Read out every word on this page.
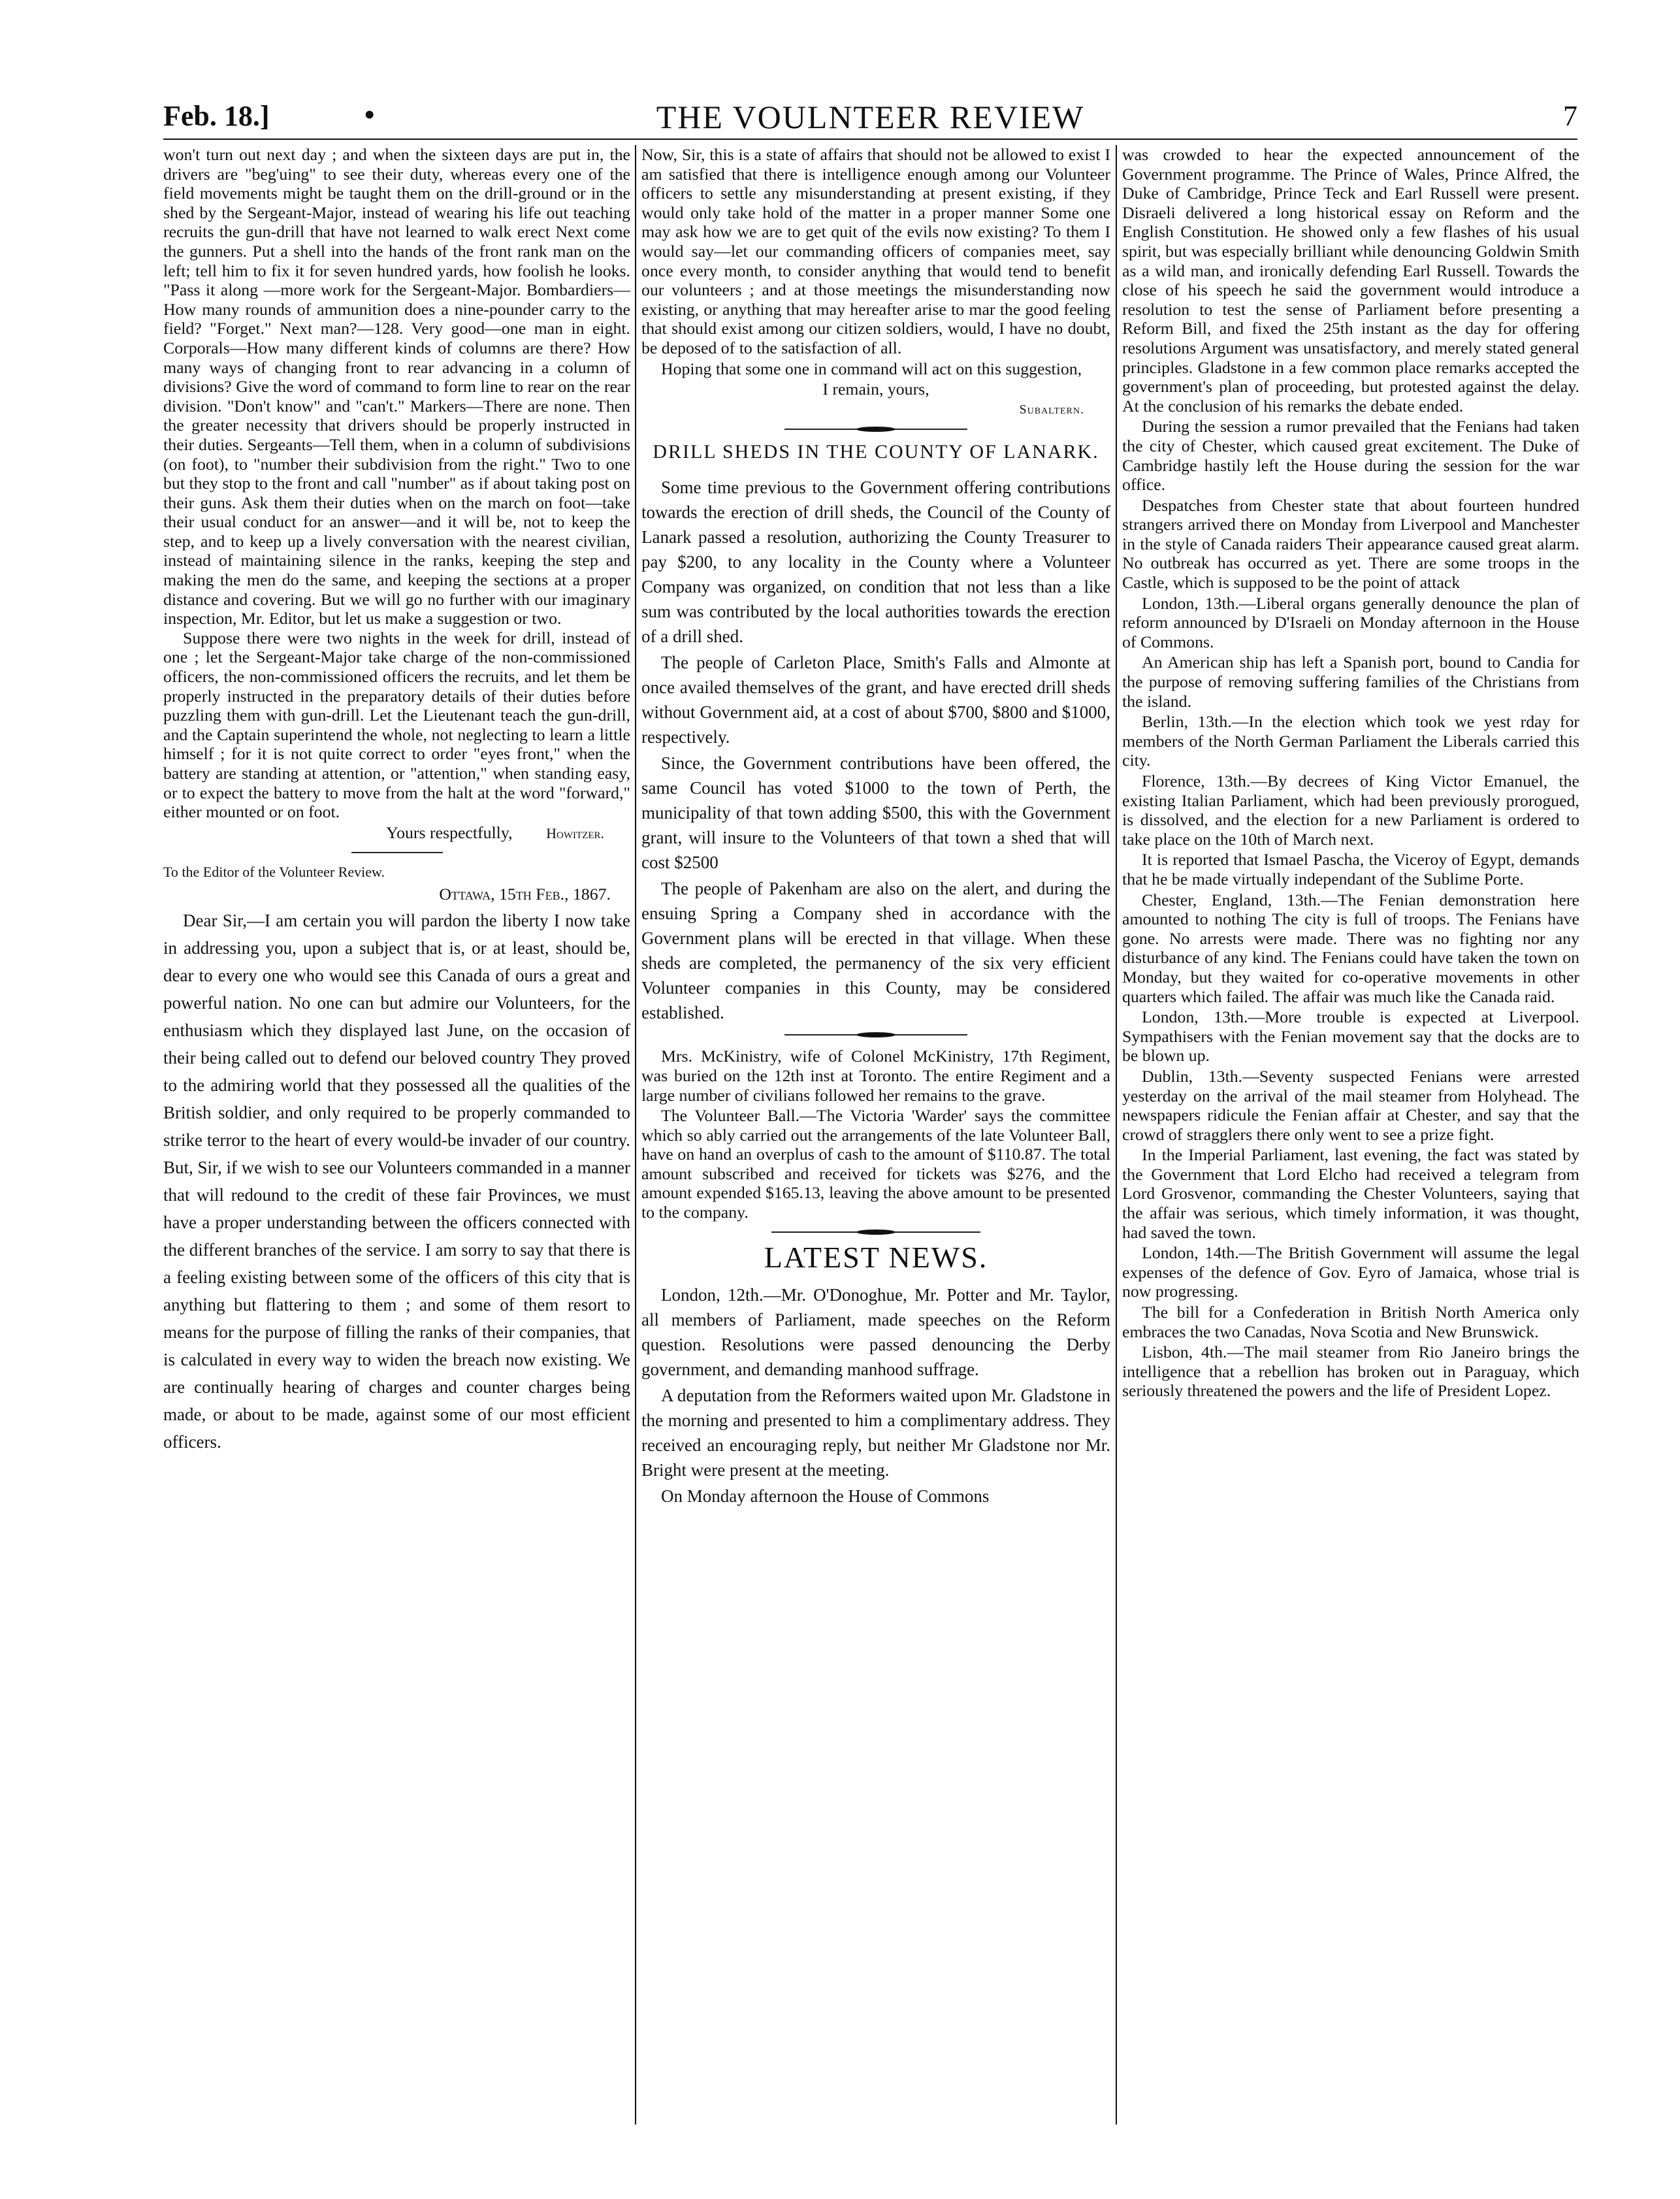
Feb. 18.]	•	THE VOULNTEER REVIEW	7

won't turn out next day ; and when the sixteen days are put in, the drivers are "beg'uing" to see their duty, whereas every one of the field movements might be taught them on the drill-ground or in the shed by the Sergeant-Major, instead of wearing his life out teaching recruits the gun-drill that have not learned to walk erect Next come the gunners. Put a shell into the hands of the front rank man on the left; tell him to fix it for seven hundred yards, how foolish he looks. "Pass it along —more work for the Sergeant-Major. Bombardiers—How many rounds of ammunition does a nine-pounder carry to the field? "Forget." Next man?—128. Very good—one man in eight. Corporals—How many different kinds of columns are there? How many ways of changing front to rear advancing in a column of divisions? Give the word of command to form line to rear on the rear division. "Don't know" and "can't." Markers—There are none. Then the greater necessity that drivers should be properly instructed in their duties. Sergeants—Tell them, when in a column of subdivisions (on foot), to "number their subdivision from the right." Two to one but they stop to the front and call "number" as if about taking post on their guns. Ask them their duties when on the march on foot—take their usual conduct for an answer—and it will be, not to keep the step, and to keep up a lively conversation with the nearest civilian, instead of maintaining silence in the ranks, keeping the step and making the men do the same, and keeping the sections at a proper distance and covering. But we will go no further with our imaginary inspection, Mr. Editor, but let us make a suggestion or two.

Suppose there were two nights in the week for drill, instead of one ; let the Sergeant-Major take charge of the non-commissioned officers, the non-commissioned officers the recruits, and let them be properly instructed in the preparatory details of their duties before puzzling them with gun-drill. Let the Lieutenant teach the gun-drill, and the Captain superintend the whole, not neglecting to learn a little himself ; for it is not quite correct to order "eyes front," when the battery are standing at attention, or "attention," when standing easy, or to expect the battery to move from the halt at the word "forward," either mounted or on foot.

Yours respectfully, Howitzer.

To the Editor of the Volunteer Review.

Ottawa, 15th Feb., 1867.

Dear Sir,—I am certain you will pardon the liberty I now take in addressing you, upon a subject that is, or at least, should be, dear to every one who would see this Canada of ours a great and powerful nation. No one can but admire our Volunteers, for the enthusiasm which they displayed last June, on the occasion of their being called out to defend our beloved country They proved to the admiring world that they possessed all the qualities of the British soldier, and only required to be properly commanded to strike terror to the heart of every would-be invader of our country. But, Sir, if we wish to see our Volunteers commanded in a manner that will redound to the credit of these fair Provinces, we must have a proper understanding between the officers connected with the different branches of the service. I am sorry to say that there is a feeling existing between some of the officers of this city that is anything but flattering to them ; and some of them resort to means for the purpose of filling the ranks of their companies, that is calculated in every way to widen the breach now existing. We are continually hearing of charges and counter charges being made, or about to be made, against some of our most efficient officers.

Now, Sir, this is a state of affairs that should not be allowed to exist I am satisfied that there is intelligence enough among our Volunteer officers to settle any misunderstanding at present existing, if they would only take hold of the matter in a proper manner Some one may ask how we are to get quit of the evils now existing? To them I would say—let our commanding officers of companies meet, say once every month, to consider anything that would tend to benefit our volunteers ; and at those meetings the misunderstanding now existing, or anything that may hereafter arise to mar the good feeling that should exist among our citizen soldiers, would, I have no doubt, be deposed of to the satisfaction of all.

Hoping that some one in command will act on this suggestion,

I remain, yours,
Subaltern.
DRILL SHEDS IN THE COUNTY OF LANARK.

Some time previous to the Government offering contributions towards the erection of drill sheds, the Council of the County of Lanark passed a resolution, authorizing the County Treasurer to pay $200, to any locality in the County where a Volunteer Company was organized, on condition that not less than a like sum was contributed by the local authorities towards the erection of a drill shed.

The people of Carleton Place, Smith's Falls and Almonte at once availed themselves of the grant, and have erected drill sheds without Government aid, at a cost of about $700, $800 and $1000, respectively.

Since, the Government contributions have been offered, the same Council has voted $1000 to the town of Perth, the municipality of that town adding $500, this with the Government grant, will insure to the Volunteers of that town a shed that will cost $2500

The people of Pakenham are also on the alert, and during the ensuing Spring a Company shed in accordance with the Government plans will be erected in that village. When these sheds are completed, the permanency of the six very efficient Volunteer companies in this County, may be considered established.

Mrs. McKinistry, wife of Colonel McKinistry, 17th Regiment, was buried on the 12th inst at Toronto. The entire Regiment and a large number of civilians followed her remains to the grave.

The Volunteer Ball.—The Victoria 'Warder' says the committee which so ably carried out the arrangements of the late Volunteer Ball, have on hand an overplus of cash to the amount of $110.87. The total amount subscribed and received for tickets was $276, and the amount expended $165.13, leaving the above amount to be presented to the company.

LATEST NEWS.

London, 12th.—Mr. O'Donoghue, Mr. Potter and Mr. Taylor, all members of Parliament, made speeches on the Reform question. Resolutions were passed denouncing the Derby government, and demanding manhood suffrage.

A deputation from the Reformers waited upon Mr. Gladstone in the morning and presented to him a complimentary address. They received an encouraging reply, but neither Mr Gladstone nor Mr. Bright were present at the meeting.

On Monday afternoon the House of Commons

was crowded to hear the expected announcement of the Government programme. The Prince of Wales, Prince Alfred, the Duke of Cambridge, Prince Teck and Earl Russell were present. Disraeli delivered a long historical essay on Reform and the English Constitution. He showed only a few flashes of his usual spirit, but was especially brilliant while denouncing Goldwin Smith as a wild man, and ironically defending Earl Russell. Towards the close of his speech he said the government would introduce a resolution to test the sense of Parliament before presenting a Reform Bill, and fixed the 25th instant as the day for offering resolutions Argument was unsatisfactory, and merely stated general principles. Gladstone in a few common place remarks accepted the government's plan of proceeding, but protested against the delay. At the conclusion of his remarks the debate ended.

During the session a rumor prevailed that the Fenians had taken the city of Chester, which caused great excitement. The Duke of Cambridge hastily left the House during the session for the war office.

Despatches from Chester state that about fourteen hundred strangers arrived there on Monday from Liverpool and Manchester in the style of Canada raiders Their appearance caused great alarm. No outbreak has occurred as yet. There are some troops in the Castle, which is supposed to be the point of attack

London, 13th.—Liberal organs generally denounce the plan of reform announced by D'Israeli on Monday afternoon in the House of Commons.

An American ship has left a Spanish port, bound to Candia for the purpose of removing suffering families of the Christians from the island.

Berlin, 13th.—In the election which took we yest rday for members of the North German Parliament the Liberals carried this city.

Florence, 13th.—By decrees of King Victor Emanuel, the existing Italian Parliament, which had been previously prorogued, is dissolved, and the election for a new Parliament is ordered to take place on the 10th of March next.

It is reported that Ismael Pascha, the Viceroy of Egypt, demands that he be made virtually independant of the Sublime Porte.

Chester, England, 13th.—The Fenian demonstration here amounted to nothing The city is full of troops. The Fenians have gone. No arrests were made. There was no fighting nor any disturbance of any kind. The Fenians could have taken the town on Monday, but they waited for co-operative movements in other quarters which failed. The affair was much like the Canada raid.

London, 13th.—More trouble is expected at Liverpool. Sympathisers with the Fenian movement say that the docks are to be blown up.

Dublin, 13th.—Seventy suspected Fenians were arrested yesterday on the arrival of the mail steamer from Holyhead. The newspapers ridicule the Fenian affair at Chester, and say that the crowd of stragglers there only went to see a prize fight.

In the Imperial Parliament, last evening, the fact was stated by the Government that Lord Elcho had received a telegram from Lord Grosvenor, commanding the Chester Volunteers, saying that the affair was serious, which timely information, it was thought, had saved the town.

London, 14th.—The British Government will assume the legal expenses of the defence of Gov. Eyro of Jamaica, whose trial is now progressing.

The bill for a Confederation in British North America only embraces the two Canadas, Nova Scotia and New Brunswick.

Lisbon, 4th.—The mail steamer from Rio Janeiro brings the intelligence that a rebellion has broken out in Paraguay, which seriously threatened the powers and the life of President Lopez.
